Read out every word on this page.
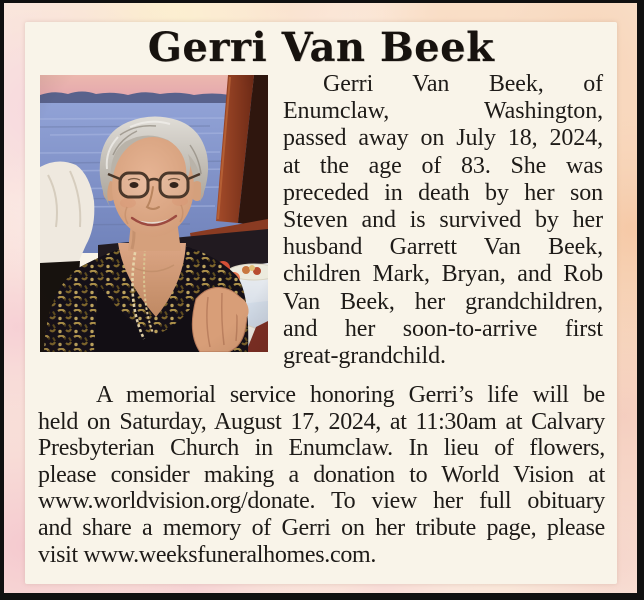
Gerri Van Beek
Gerri Van Beek, of
Enumclaw, Washington,
passed away on July 18, 2024,
at the age of 83. She was
preceded in death by her son
Steven and is survived by her
husband Garrett Van Beek,
children Mark, Bryan, and Rob
Van Beek, her grandchildren,
and her soon-to-arrive first
great-grandchild.
A memorial service honoring Gerri’s life will be
held on Saturday, August 17, 2024, at 11:30am at Calvary
Presbyterian Church in Enumclaw. In lieu of flowers,
please consider making a donation to World Vision at
www.worldvision.org/donate. To view her full obituary
and share a memory of Gerri on her tribute page, please
visit www.weeksfuneralhomes.com.
